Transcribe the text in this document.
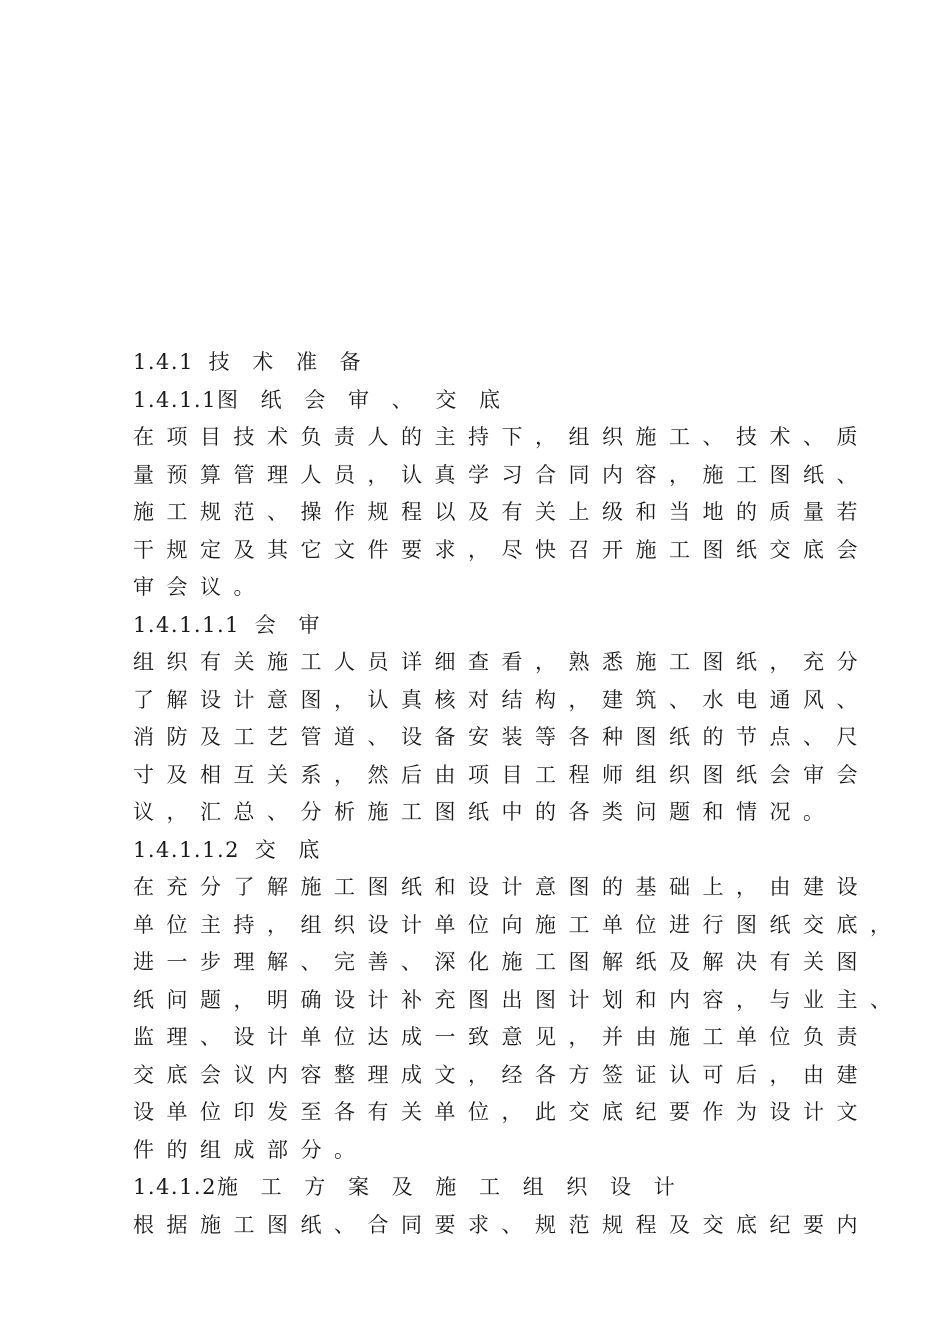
1.4.1 技 术 准 备
1.4.1.1图 纸 会 审 、 交 底
在项目技术负责人的主持下，组织施工、技术、质
量预算管理人员，认真学习合同内容，施工图纸、
施工规范、操作规程以及有关上级和当地的质量若
干规定及其它文件要求，尽快召开施工图纸交底会
审会议。
1.4.1.1.1 会 审
组织有关施工人员详细查看，熟悉施工图纸，充分
了解设计意图，认真核对结构，建筑、水电通风、
消防及工艺管道、设备安装等各种图纸的节点、尺
寸及相互关系，然后由项目工程师组织图纸会审会
议，汇总、分析施工图纸中的各类问题和情况。
1.4.1.1.2 交 底
在充分了解施工图纸和设计意图的基础上，由建设
单位主持，组织设计单位向施工单位进行图纸交底，
进一步理解、完善、深化施工图解纸及解决有关图
纸问题，明确设计补充图出图计划和内容，与业主、
监理、设计单位达成一致意见，并由施工单位负责
交底会议内容整理成文，经各方签证认可后，由建
设单位印发至各有关单位，此交底纪要作为设计文
件的组成部分。
1.4.1.2施 工 方 案 及 施 工 组 织 设 计
根据施工图纸、合同要求、规范规程及交底纪要内
